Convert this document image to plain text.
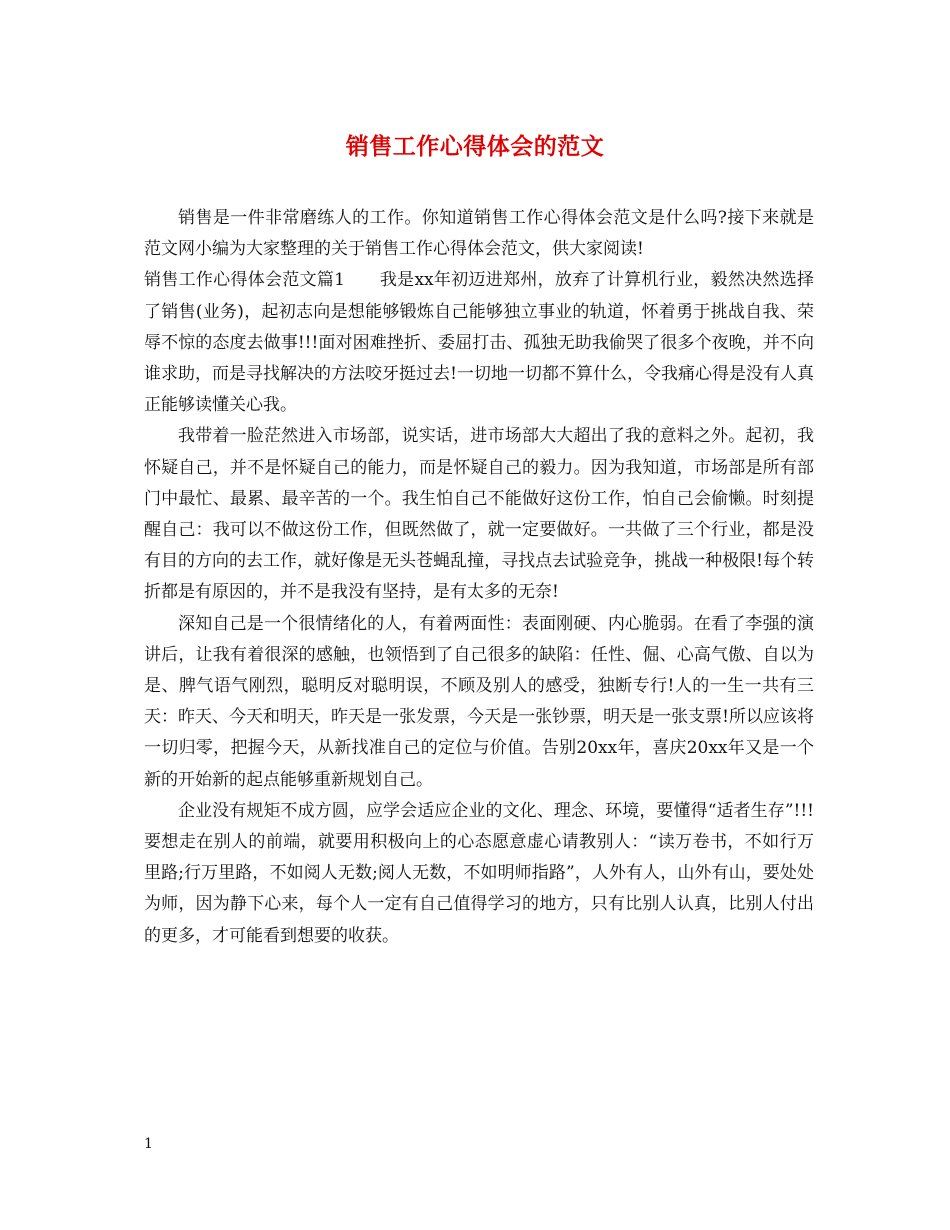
销售工作心得体会的范文

销售是一件非常磨练人的工作。你知道销售工作心得体会范文是什么吗?接下来就是范文网小编为大家整理的关于销售工作心得体会范文，供大家阅读!

销售工作心得体会范文篇1　　我是xx年初迈进郑州，放弃了计算机行业，毅然决然选择了销售(业务)，起初志向是想能够锻炼自己能够独立事业的轨道，怀着勇于挑战自我、荣辱不惊的态度去做事!!!面对困难挫折、委屈打击、孤独无助我偷哭了很多个夜晚，并不向谁求助，而是寻找解决的方法咬牙挺过去!一切地一切都不算什么，令我痛心得是没有人真正能够读懂关心我。

我带着一脸茫然进入市场部，说实话，进市场部大大超出了我的意料之外。起初，我怀疑自己，并不是怀疑自己的能力，而是怀疑自己的毅力。因为我知道，市场部是所有部门中最忙、最累、最辛苦的一个。我生怕自己不能做好这份工作，怕自己会偷懒。时刻提醒自己：我可以不做这份工作，但既然做了，就一定要做好。一共做了三个行业，都是没有目的方向的去工作，就好像是无头苍蝇乱撞，寻找点去试验竞争，挑战一种极限!每个转折都是有原因的，并不是我没有坚持，是有太多的无奈!

深知自己是一个很情绪化的人，有着两面性：表面刚硬、内心脆弱。在看了李强的演讲后，让我有着很深的感触，也领悟到了自己很多的缺陷：任性、倔、心高气傲、自以为是、脾气语气刚烈，聪明反对聪明误，不顾及别人的感受，独断专行!人的一生一共有三天：昨天、今天和明天，昨天是一张发票，今天是一张钞票，明天是一张支票!所以应该将一切归零，把握今天，从新找准自己的定位与价值。告别20xx年，喜庆20xx年又是一个新的开始新的起点能够重新规划自己。

企业没有规矩不成方圆，应学会适应企业的文化、理念、环境，要懂得“适者生存”!!!要想走在别人的前端，就要用积极向上的心态愿意虚心请教别人：“读万卷书，不如行万里路;行万里路，不如阅人无数;阅人无数，不如明师指路”，人外有人，山外有山，要处处为师，因为静下心来，每个人一定有自己值得学习的地方，只有比别人认真，比别人付出的更多，才可能看到想要的收获。

1
